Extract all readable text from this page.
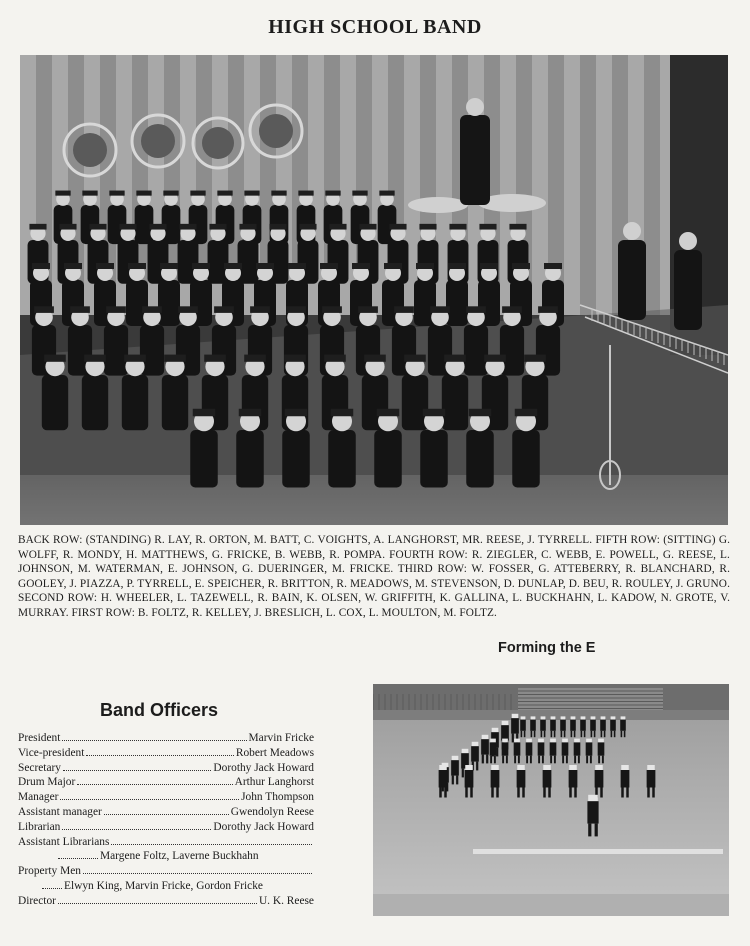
HIGH SCHOOL BAND
BACK ROW: (STANDING) R. LAY, R. ORTON, M. BATT, C. VOIGHTS, A. LANGHORST, MR. REESE, J. TYRRELL. FIFTH ROW: (SITTING) G. WOLFF, R. MONDY, H. MATTHEWS, G. FRICKE, B. WEBB, R. POMPA. FOURTH ROW: R. ZIEGLER, C. WEBB, E. POWELL, G. REESE, L. JOHNSON, M. WATERMAN, E. JOHNSON, G. DUERINGER, M. FRICKE. THIRD ROW: W. FOSSER, G. ATTEBERRY, R. BLANCHARD, R. GOOLEY, J. PIAZZA, P. TYRRELL, E. SPEICHER, R. BRITTON, R. MEADOWS, M. STEVENSON, D. DUNLAP, D. BEU, R. ROULEY, J. GRUNO. SECOND ROW: H. WHEELER, L. TAZEWELL, R. BAIN, K. OLSEN, W. GRIFFITH, K. GALLINA, L. BUCKHAHN, L. KADOW, N. GROTE, V. MURRAY. FIRST ROW: B. FOLTZ, R. KELLEY, J. BRESLICH, L. COX, L. MOULTON, M. FOLTZ.
Forming the E
Band Officers
President	Marvin Fricke
Vice-president	Robert Meadows
Secretary	Dorothy Jack Howard
Drum Major	Arthur Langhorst
Manager	John Thompson
Assistant manager	Gwendolyn Reese
Librarian	Dorothy Jack Howard
Assistant Librarians
Margene Foltz, Laverne Buckhahn
Property Men
Elwyn King, Marvin Fricke, Gordon Fricke
Director	U. K. Reese
